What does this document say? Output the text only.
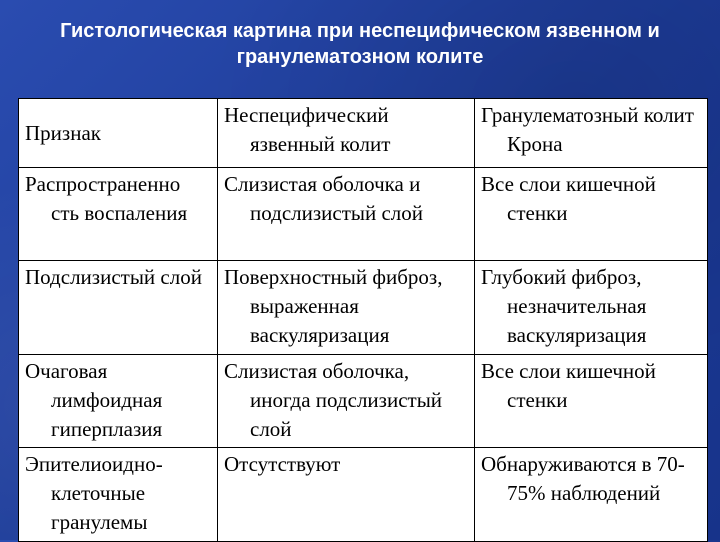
Гистологическая картина при неспецифическом язвенном и
гранулематозном колите
Признак	Неспецифический язвенный колит	Гранулематозный колит Крона

Распространенно сть воспаления	Слизистая оболочка и подслизистый слой	Все слои кишечной стенки

Подслизистый слой	Поверхностный фиброз, выраженная васкуляризация	Глубокий фиброз, незначительная васкуляризация

Очаговая лимфоидная гиперплазия	Слизистая оболочка, иногда подслизистый слой	Все слои кишечной стенки

Эпителиоидно-клеточные гранулемы	Отсутствуют	Обнаруживаются в 70-75% наблюдений
